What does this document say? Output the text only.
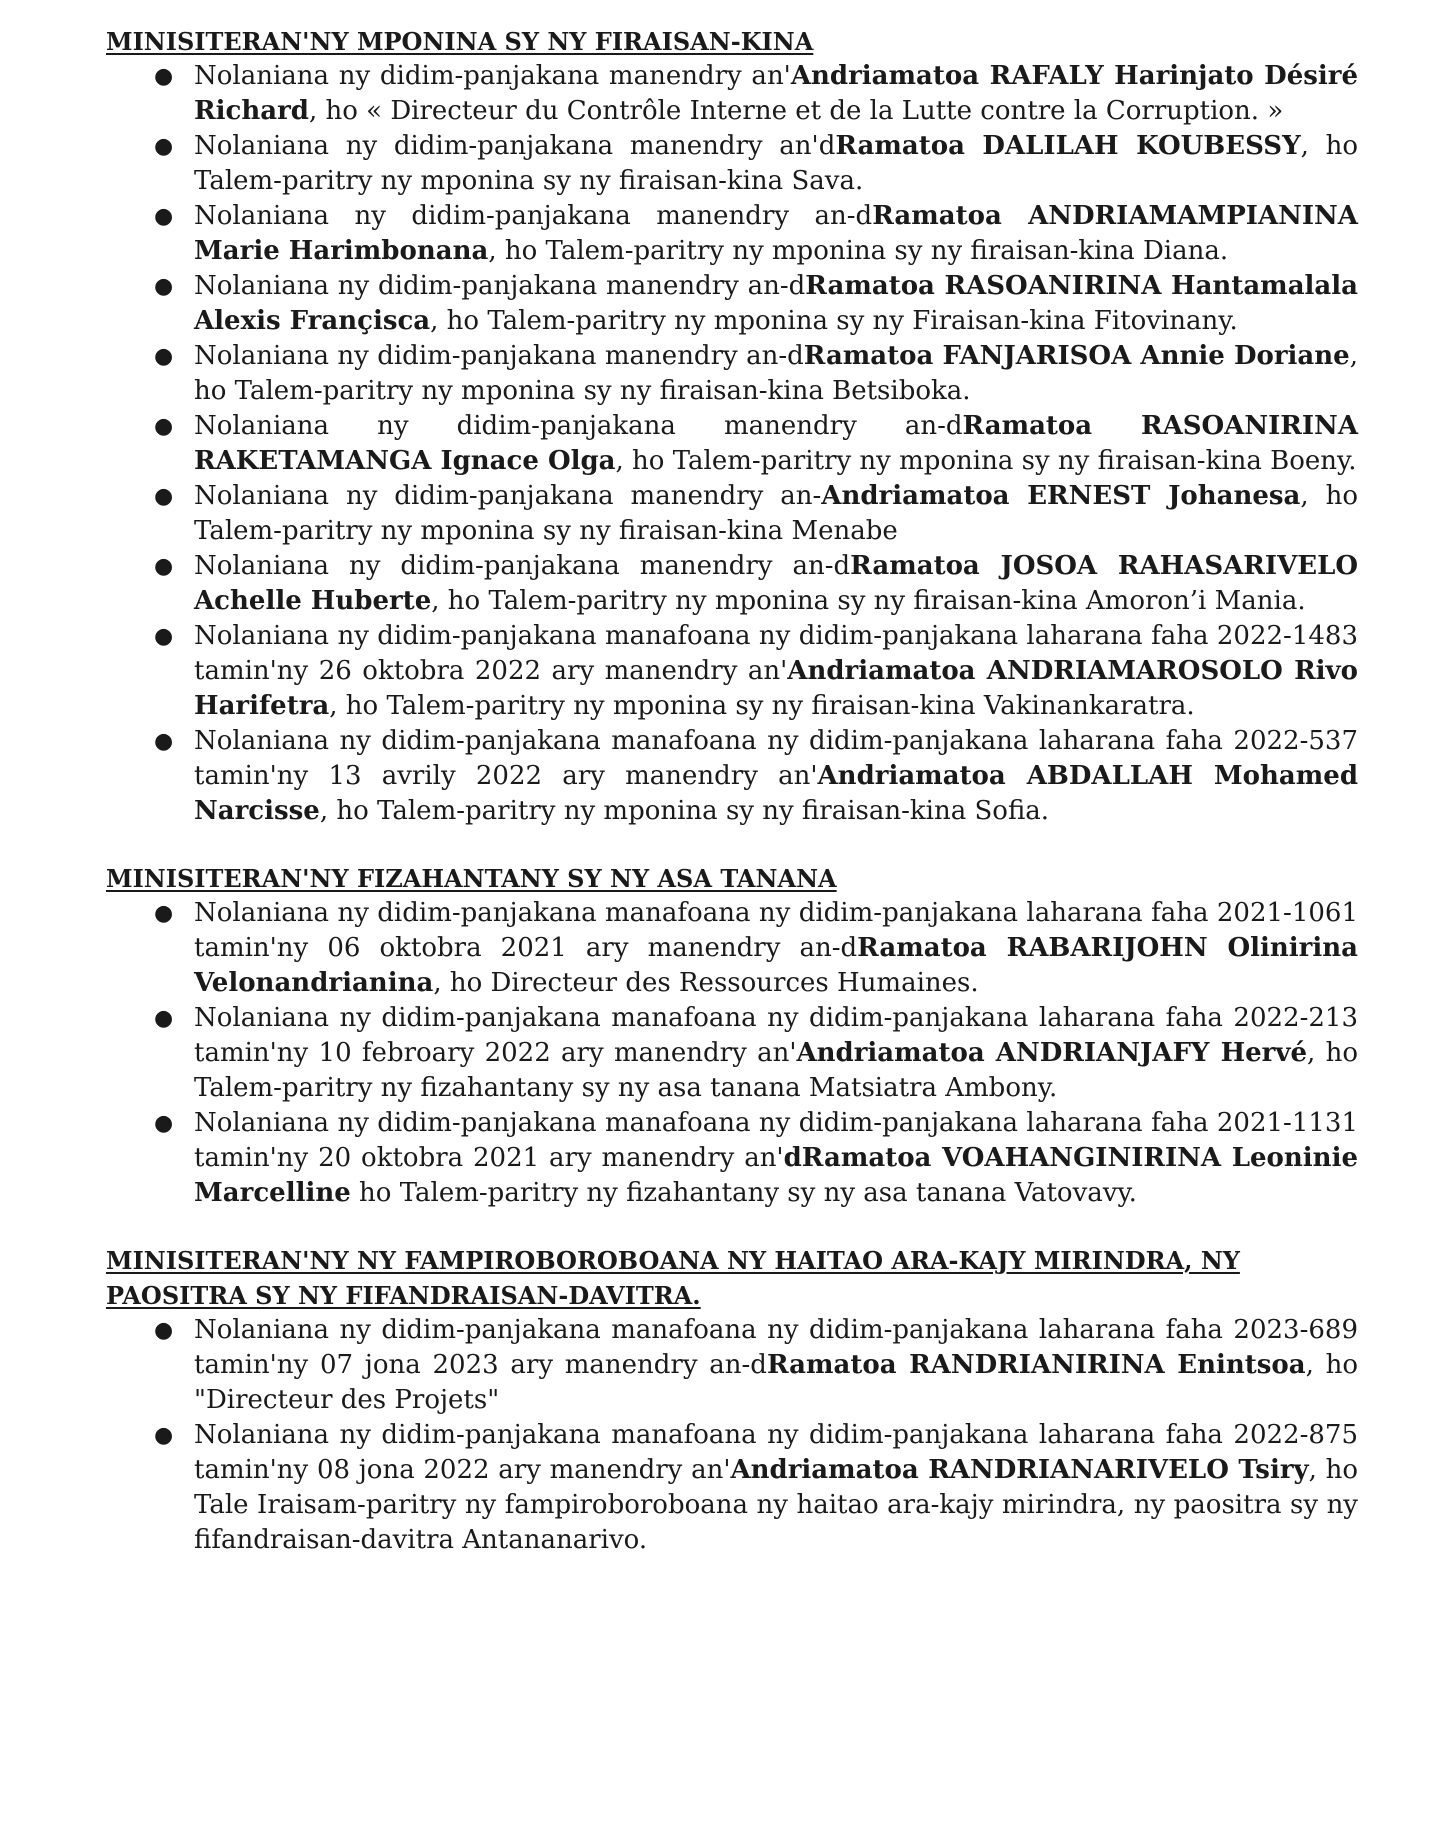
MINISITERAN'NY MPONINA SY NY FIRAISAN-KINA
● Nolaniana ny didim-panjakana manendry an'Andriamatoa RAFALY Harinjato Désiré Richard, ho « Directeur du Contrôle Interne et de la Lutte contre la Corruption. »
● Nolaniana ny didim-panjakana manendry an'dRamatoa DALILAH KOUBESSY, ho Talem-paritry ny mponina sy ny firaisan-kina Sava.
● Nolaniana ny didim-panjakana manendry an-dRamatoa ANDRIAMAMPIANINA Marie Harimbonana, ho Talem-paritry ny mponina sy ny firaisan-kina Diana.
● Nolaniana ny didim-panjakana manendry an-dRamatoa RASOANIRINA Hantamalala Alexis Françisca, ho Talem-paritry ny mponina sy ny Firaisan-kina Fitovinany.
● Nolaniana ny didim-panjakana manendry an-dRamatoa FANJARISOA Annie Doriane, ho Talem-paritry ny mponina sy ny firaisan-kina Betsiboka.
● Nolaniana ny didim-panjakana manendry an-dRamatoa RASOANIRINA RAKETAMANGA Ignace Olga, ho Talem-paritry ny mponina sy ny firaisan-kina Boeny.
● Nolaniana ny didim-panjakana manendry an-Andriamatoa ERNEST Johanesa, ho Talem-paritry ny mponina sy ny firaisan-kina Menabe
● Nolaniana ny didim-panjakana manendry an-dRamatoa JOSOA RAHASARIVELO Achelle Huberte, ho Talem-paritry ny mponina sy ny firaisan-kina Amoron’i Mania.
● Nolaniana ny didim-panjakana manafoana ny didim-panjakana laharana faha 2022-1483 tamin'ny 26 oktobra 2022 ary manendry an'Andriamatoa ANDRIAMAROSOLO Rivo Harifetra, ho Talem-paritry ny mponina sy ny firaisan-kina Vakinankaratra.
● Nolaniana ny didim-panjakana manafoana ny didim-panjakana laharana faha 2022-537 tamin'ny 13 avrily 2022 ary manendry an'Andriamatoa ABDALLAH Mohamed Narcisse, ho Talem-paritry ny mponina sy ny firaisan-kina Sofia.
MINISITERAN'NY FIZAHANTANY SY NY ASA TANANA
● Nolaniana ny didim-panjakana manafoana ny didim-panjakana laharana faha 2021-1061 tamin'ny 06 oktobra 2021 ary manendry an-dRamatoa RABARIJOHN Olinirina Velonandrianina, ho Directeur des Ressources Humaines.
● Nolaniana ny didim-panjakana manafoana ny didim-panjakana laharana faha 2022-213 tamin'ny 10 febroary 2022 ary manendry an'Andriamatoa ANDRIANJAFY Hervé, ho Talem-paritry ny fizahantany sy ny asa tanana Matsiatra Ambony.
● Nolaniana ny didim-panjakana manafoana ny didim-panjakana laharana faha 2021-1131 tamin'ny 20 oktobra 2021 ary manendry an'dRamatoa VOAHANGINIRINA Leoninie Marcelline ho Talem-paritry ny fizahantany sy ny asa tanana Vatovavy.
MINISITERAN'NY NY FAMPIROBOROBOANA NY HAITAO ARA-KAJY MIRINDRA, NY PAOSITRA SY NY FIFANDRAISAN-DAVITRA.
● Nolaniana ny didim-panjakana manafoana ny didim-panjakana laharana faha 2023-689 tamin'ny 07 jona 2023 ary manendry an-dRamatoa RANDRIANIRINA Enintsoa, ho "Directeur des Projets"
● Nolaniana ny didim-panjakana manafoana ny didim-panjakana laharana faha 2022-875 tamin'ny 08 jona 2022 ary manendry an'Andriamatoa RANDRIANARIVELO Tsiry, ho Tale Iraisam-paritry ny fampiroboroboana ny haitao ara-kajy mirindra, ny paositra sy ny fifandraisan-davitra Antananarivo.
